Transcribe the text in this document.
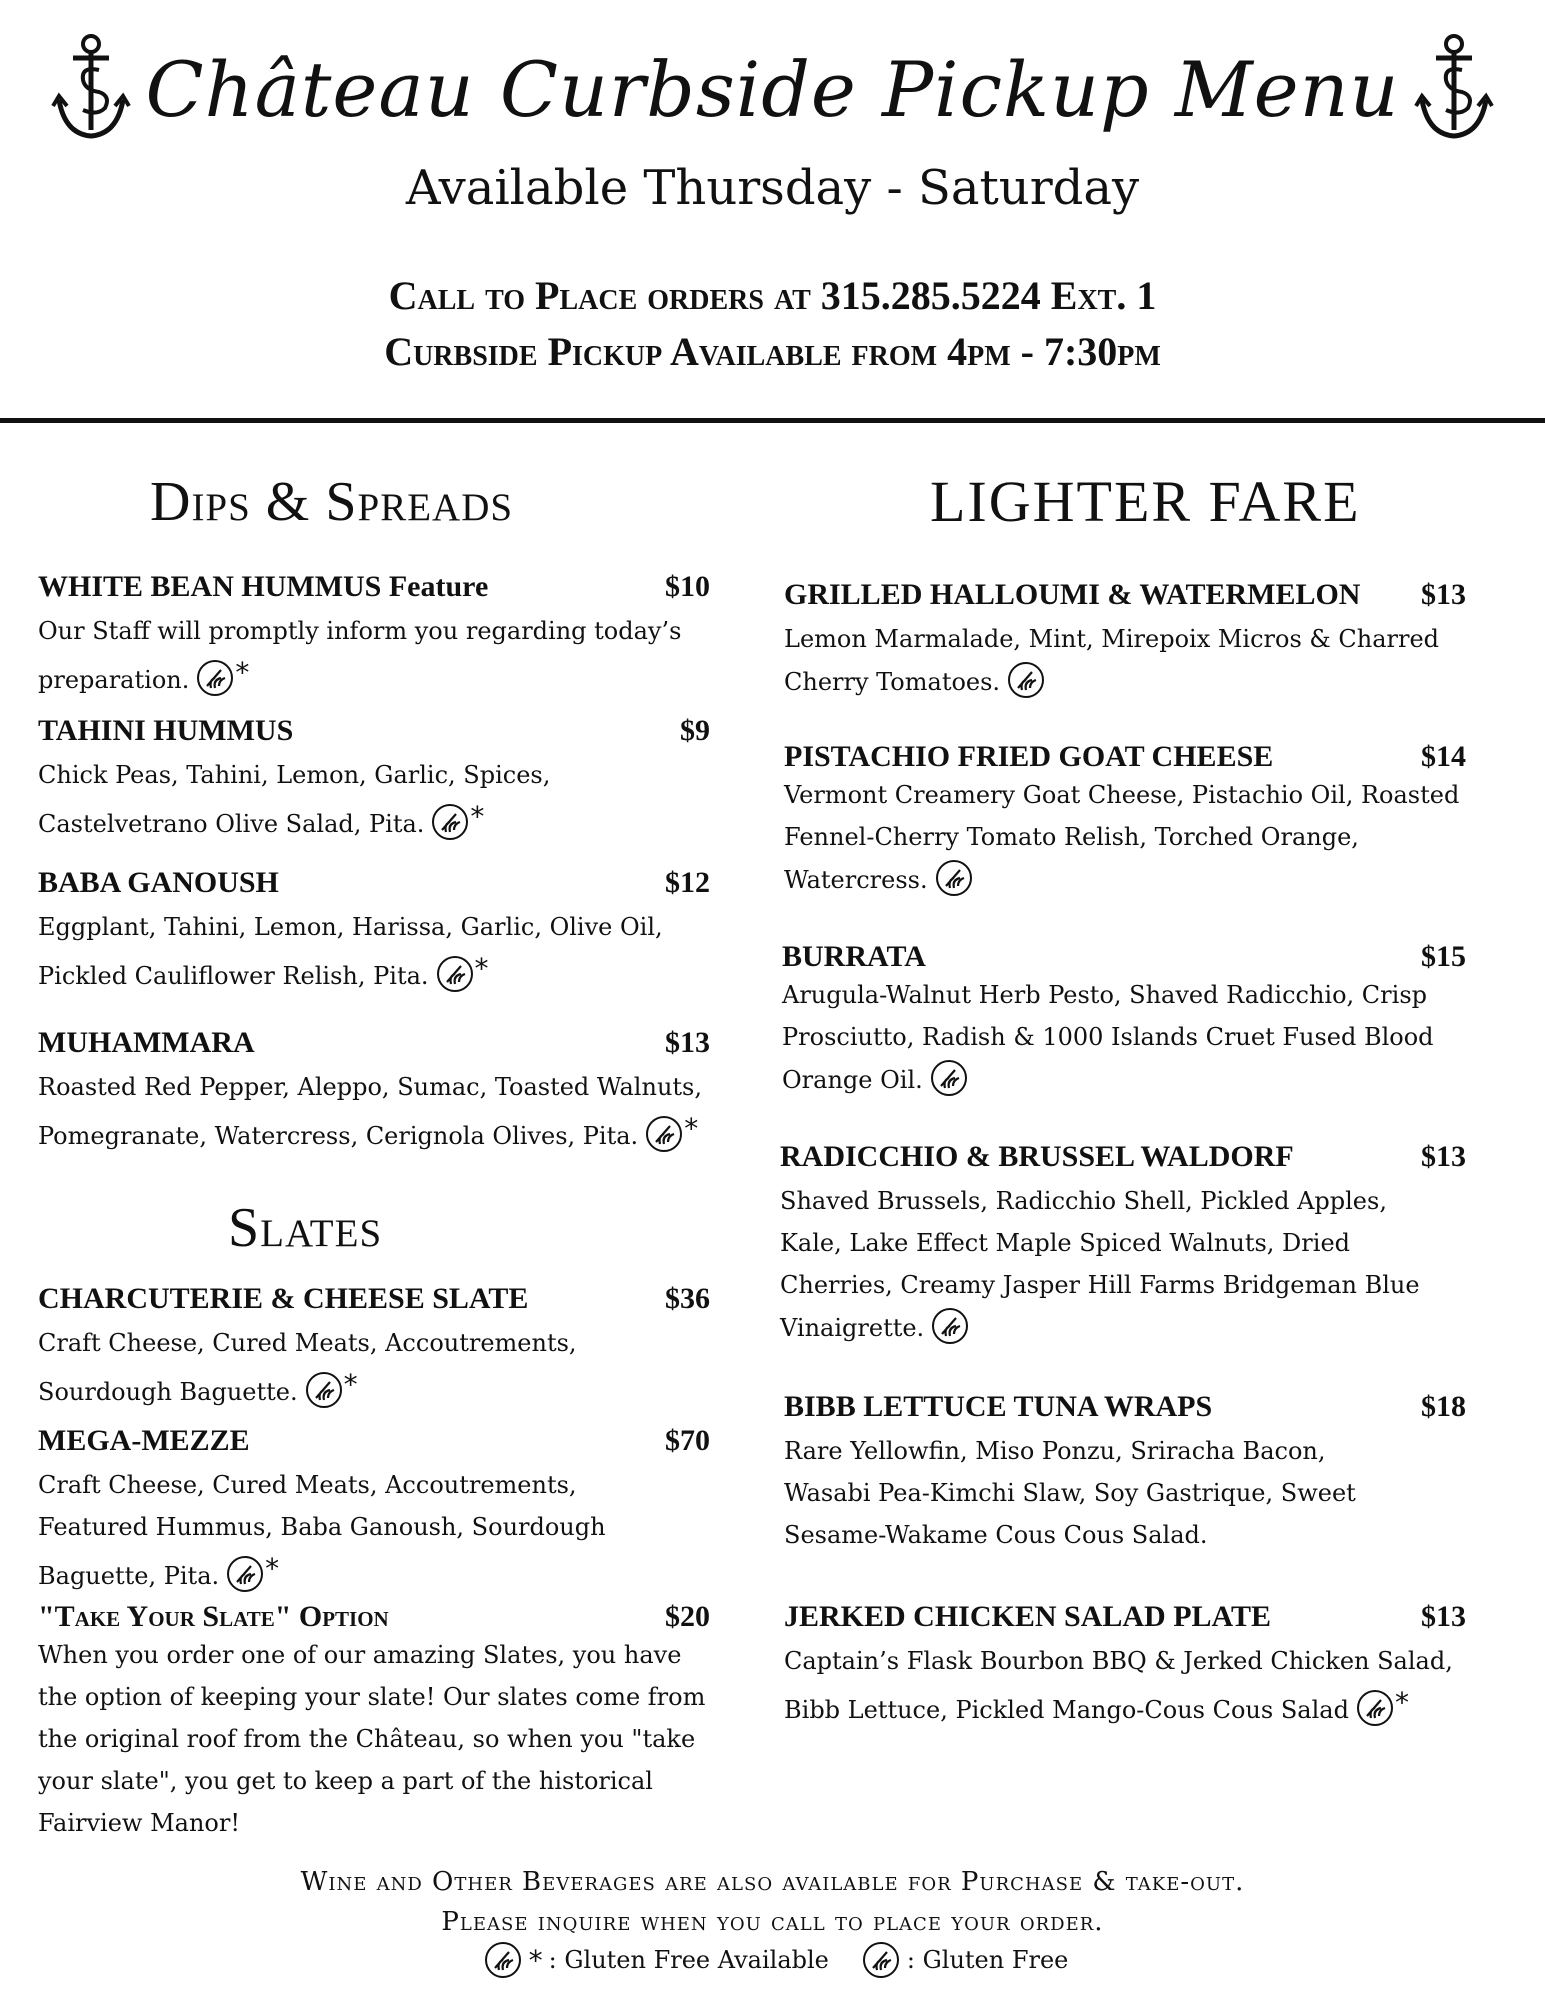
Château Curbside Pickup Menu
Available Thursday - Saturday
Call to Place orders at 315.285.5224 Ext. 1
Curbside Pickup Available from 4pm - 7:30pm
Dips & Spreads
WHITE BEAN HUMMUS Feature	$10
Our Staff will promptly inform you regarding today’s preparation. *
TAHINI HUMMUS	$9
Chick Peas, Tahini, Lemon, Garlic, Spices, Castelvetrano Olive Salad, Pita. *
BABA GANOUSH	$12
Eggplant, Tahini, Lemon, Harissa, Garlic, Olive Oil, Pickled Cauliflower Relish, Pita. *
MUHAMMARA	$13
Roasted Red Pepper, Aleppo, Sumac, Toasted Walnuts, Pomegranate, Watercress, Cerignola Olives, Pita. *
Slates
CHARCUTERIE & CHEESE SLATE	$36
Craft Cheese, Cured Meats, Accoutrements, Sourdough Baguette. *
MEGA-MEZZE	$70
Craft Cheese, Cured Meats, Accoutrements, Featured Hummus, Baba Ganoush, Sourdough Baguette, Pita. *
"Take Your Slate" Option	$20
When you order one of our amazing Slates, you have the option of keeping your slate! Our slates come from the original roof from the Château, so when you "take your slate", you get to keep a part of the historical Fairview Manor!
LIGHTER FARE
GRILLED HALLOUMI & WATERMELON $13
Lemon Marmalade, Mint, Mirepoix Micros & Charred Cherry Tomatoes.
PISTACHIO FRIED GOAT CHEESE	$14
Vermont Creamery Goat Cheese, Pistachio Oil, Roasted Fennel-Cherry Tomato Relish, Torched Orange, Watercress.
BURRATA	$15
Arugula-Walnut Herb Pesto, Shaved Radicchio, Crisp Prosciutto, Radish & 1000 Islands Cruet Fused Blood Orange Oil.
RADICCHIO & BRUSSEL WALDORF	$13
Shaved Brussels, Radicchio Shell, Pickled Apples, Kale, Lake Effect Maple Spiced Walnuts, Dried Cherries, Creamy Jasper Hill Farms Bridgeman Blue Vinaigrette.
BIBB LETTUCE TUNA WRAPS	$18
Rare Yellowfin, Miso Ponzu, Sriracha Bacon, Wasabi Pea-Kimchi Slaw, Soy Gastrique, Sweet Sesame-Wakame Cous Cous Salad.
JERKED CHICKEN SALAD PLATE	$13
Captain’s Flask Bourbon BBQ & Jerked Chicken Salad, Bibb Lettuce, Pickled Mango-Cous Cous Salad *
Wine and Other Beverages are also available for Purchase & take-out.
Please inquire when you call to place your order.
* : Gluten Free Available	: Gluten Free
